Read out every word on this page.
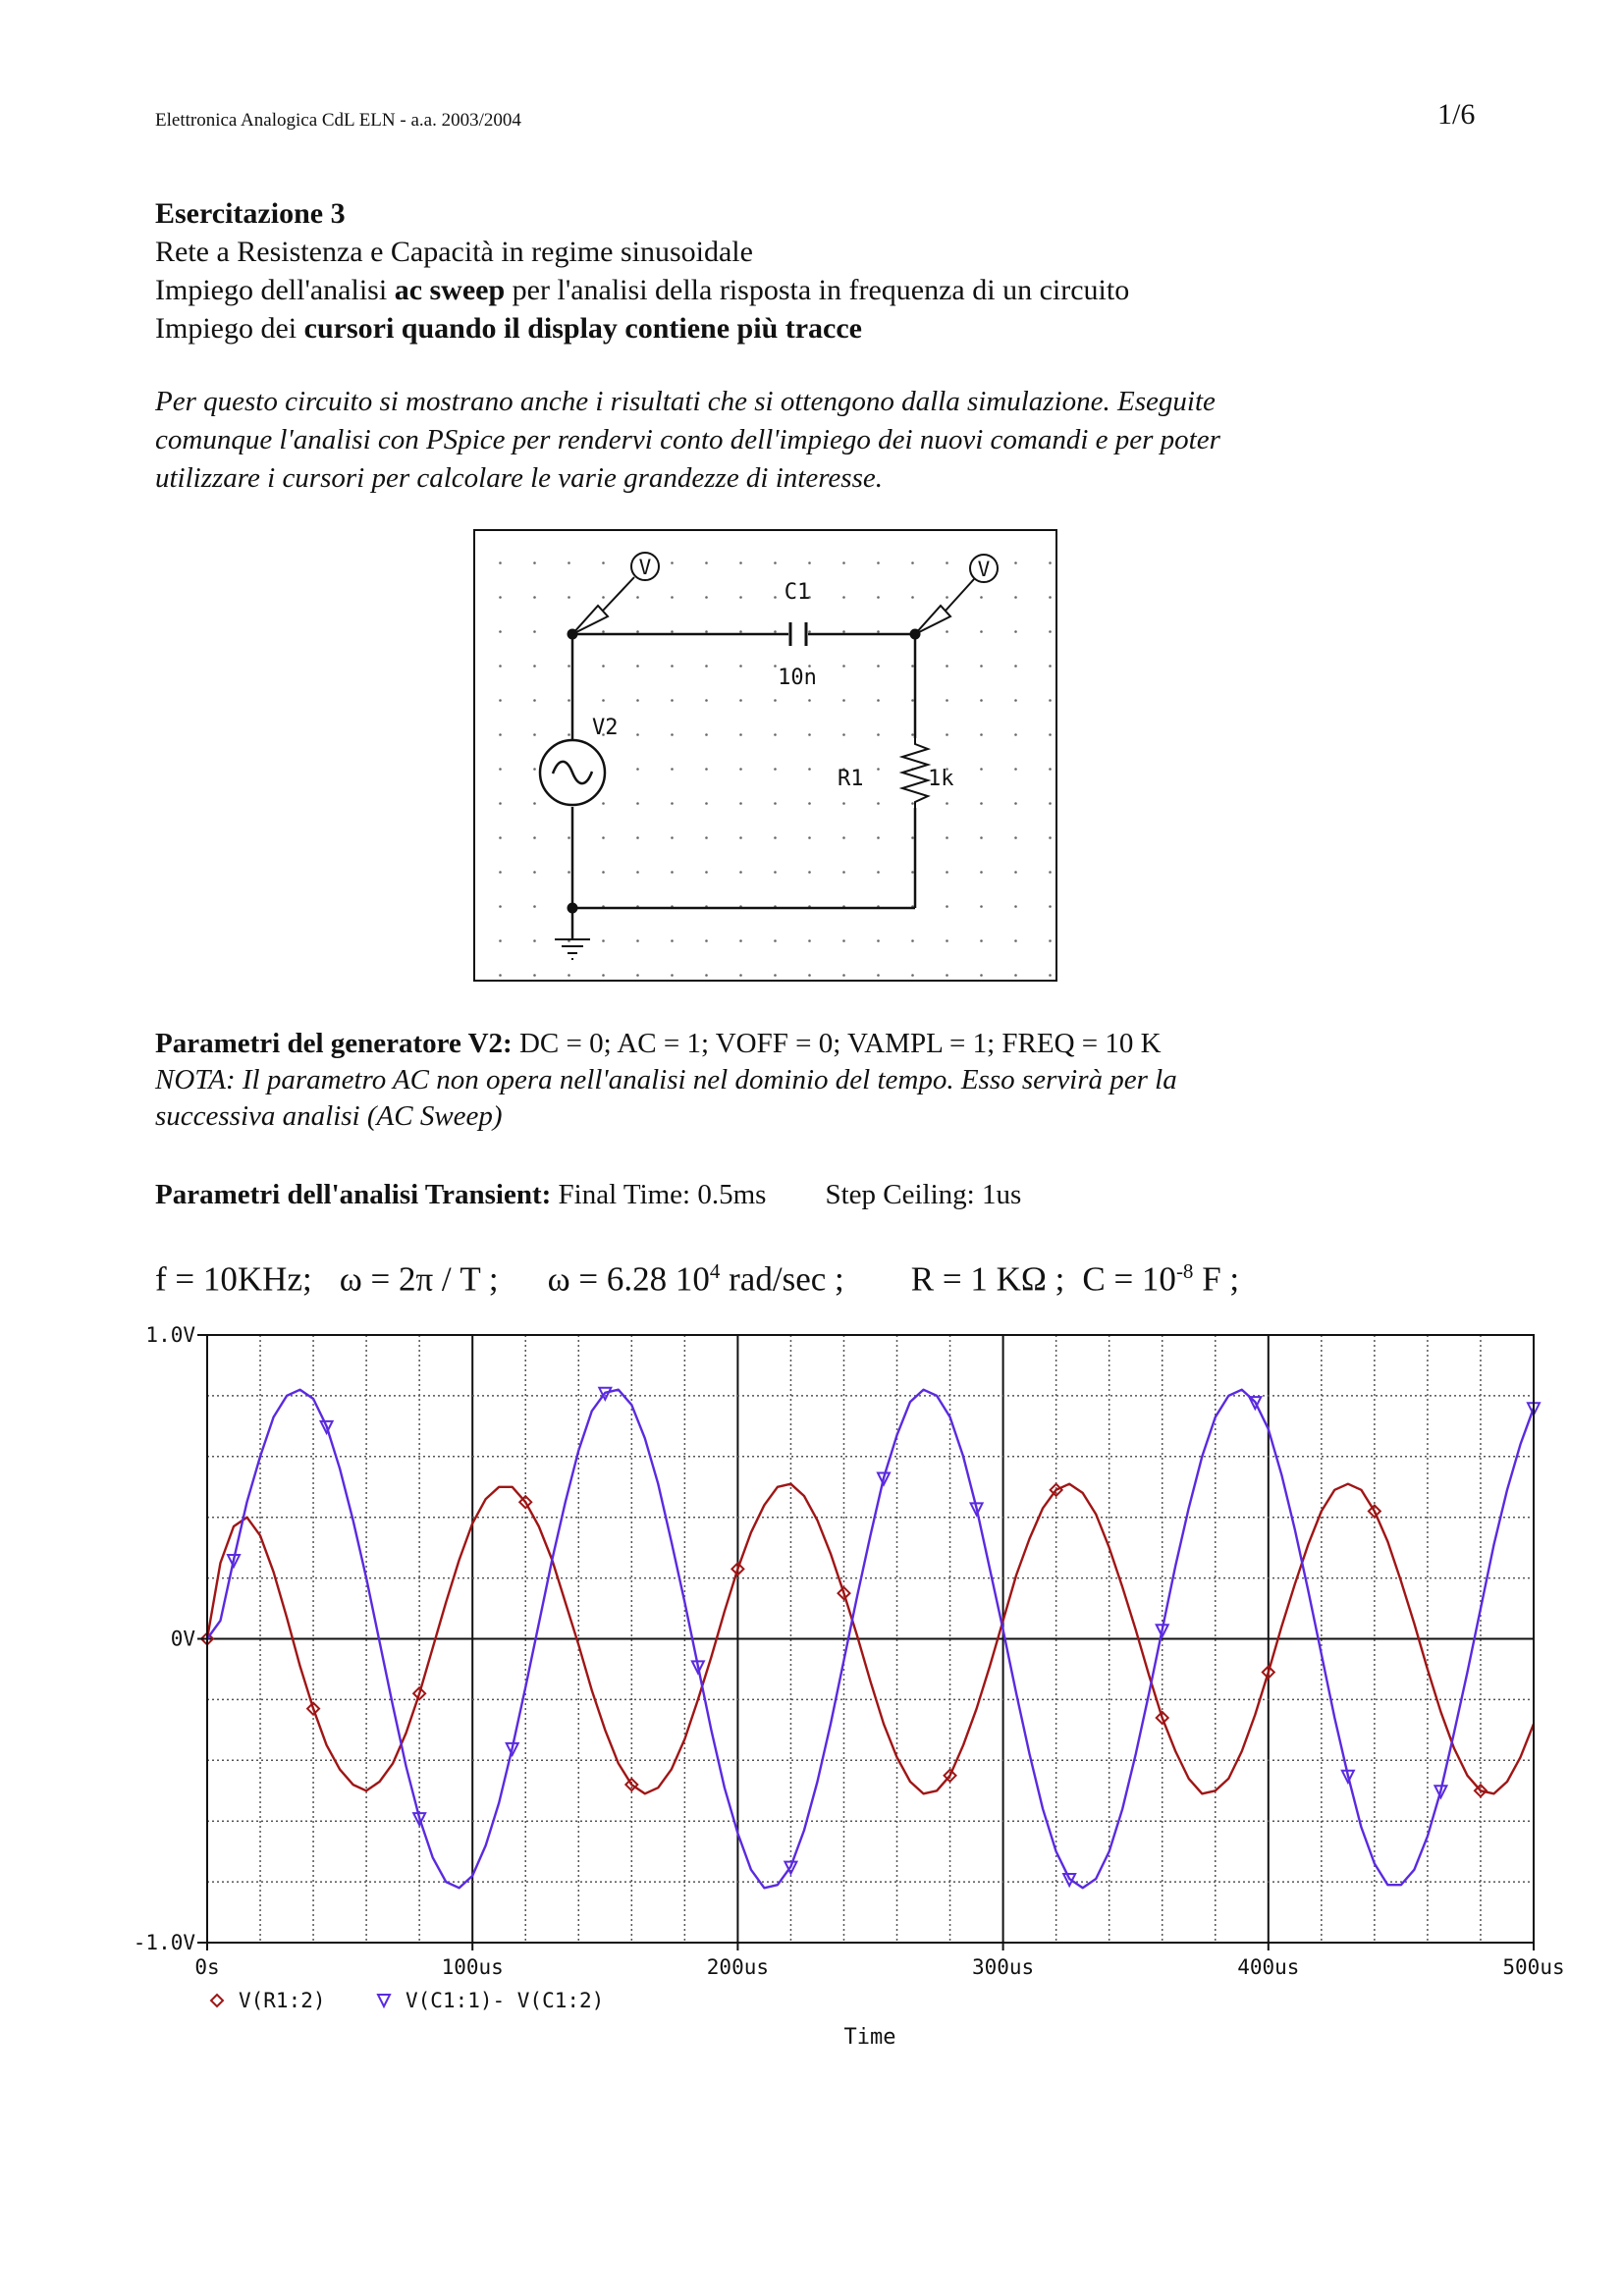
Elettronica Analogica CdL ELN - a.a. 2003/2004	1/6
Esercitazione 3
Rete a Resistenza e Capacità in regime sinusoidale
Impiego dell'analisi ac sweep per l'analisi della risposta in frequenza di un circuito
Impiego dei cursori quando il display contiene più tracce
Per questo circuito si mostrano anche i risultati che si ottengono dalla simulazione. Eseguite
comunque l'analisi con PSpice per rendervi conto dell'impiego dei nuovi comandi e per poter
utilizzare i cursori per calcolare le varie grandezze di interesse.
V	V
C1
10n
V2
R1	1k
Parametri del generatore V2: DC = 0; AC = 1; VOFF = 0; VAMPL = 1; FREQ = 10 K
NOTA: Il parametro AC non opera nell'analisi nel dominio del tempo. Esso servirà per la
successiva analisi (AC Sweep)
Parametri dell'analisi Transient: Final Time: 0.5ms Step Ceiling: 1us
f = 10KHz; ω = 2π / T ; ω = 6.28 $10^4$ rad/sec ; R = 1 KΩ ; $C = 10^{-8}$ F ;
1.0V
0V
-1.0V
0s	100us	200us	300us	400us	500us
V(R1:2)	V(C1:1)- V(C1:2)
Time
